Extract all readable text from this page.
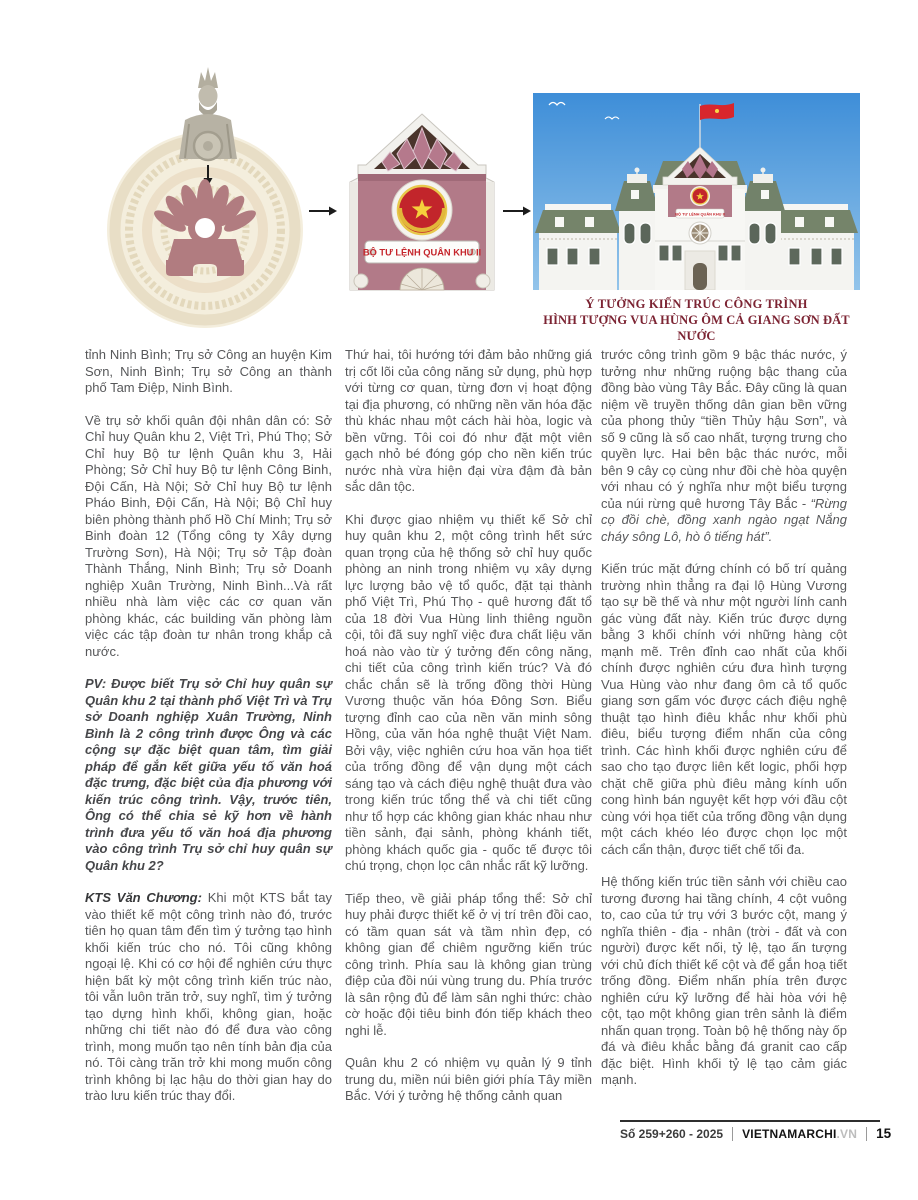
BỘ TƯ LỆNH QUÂN KHU II
BỘ TƯ LỆNH QUÂN KHU II
Ý TƯỞNG KIẾN TRÚC CÔNG TRÌNH
HÌNH TƯỢNG VUA HÙNG ÔM CẢ GIANG SƠN ĐẤT NƯỚC

tỉnh Ninh Bình; Trụ sở Công an huyện Kim Sơn, Ninh Bình; Trụ sở Công an thành phố Tam Điệp, Ninh Bình.

Về trụ sở khối quân đội nhân dân có: Sở Chỉ huy Quân khu 2, Việt Trì, Phú Thọ; Sở Chỉ huy Bộ tư lệnh Quân khu 3, Hải Phòng; Sở Chỉ huy Bộ tư lệnh Công Binh, Đội Cấn, Hà Nội; Sở Chỉ huy Bộ tư lệnh Pháo Binh, Đội Cấn, Hà Nội; Bộ Chỉ huy biên phòng thành phố Hồ Chí Minh; Trụ sở Binh đoàn 12 (Tổng công ty Xây dựng Trường Sơn), Hà Nội; Trụ sở Tập đoàn Thành Thắng, Ninh Bình; Trụ sở Doanh nghiệp Xuân Trường, Ninh Bình...Và rất nhiều nhà làm việc các cơ quan văn phòng khác, các building văn phòng làm việc các tập đoàn tư nhân trong khắp cả nước.

PV: Được biết Trụ sở Chỉ huy quân sự Quân khu 2 tại thành phố Việt Trì và Trụ sở Doanh nghiệp Xuân Trường, Ninh Bình là 2 công trình được Ông và các cộng sự đặc biệt quan tâm, tìm giải pháp để gắn kết giữa yếu tố văn hoá đặc trưng, đặc biệt của địa phương với kiến trúc công trình. Vậy, trước tiên, Ông có thể chia sẻ kỹ hơn về hành trình đưa yếu tố văn hoá địa phương vào công trình Trụ sở chỉ huy quân sự Quân khu 2?

KTS Văn Chương: Khi một KTS bắt tay vào thiết kế một công trình nào đó, trước tiên họ quan tâm đến tìm ý tưởng tạo hình khối kiến trúc cho nó. Tôi cũng không ngoại lệ. Khi có cơ hội để nghiên cứu thực hiện bất kỳ một công trình kiến trúc nào, tôi vẫn luôn trăn trở, suy nghĩ, tìm ý tưởng tạo dựng hình khối, không gian, hoặc những chi tiết nào đó để đưa vào công trình, mong muốn tạo nên tính bản địa của nó. Tôi càng trăn trở khi mong muốn công trình không bị lạc hậu do thời gian hay do trào lưu kiến trúc thay đổi.

Thứ hai, tôi hướng tới đảm bảo những giá trị cốt lõi của công năng sử dụng, phù hợp với từng cơ quan, từng đơn vị hoạt động tại địa phương, có những nền văn hóa đặc thù khác nhau một cách hài hòa, logic và bền vững. Tôi coi đó như đặt một viên gạch nhỏ bé đóng góp cho nền kiến trúc nước nhà vừa hiện đại vừa đậm đà bản sắc dân tộc.

Khi được giao nhiệm vụ thiết kế Sở chỉ huy quân khu 2, một công trình hết sức quan trọng của hệ thống sở chỉ huy quốc phòng an ninh trong nhiệm vụ xây dựng lực lượng bảo vệ tổ quốc, đặt tại thành phố Việt Trì, Phú Thọ - quê hương đất tổ của 18 đời Vua Hùng linh thiêng nguồn cội, tôi đã suy nghĩ việc đưa chất liệu văn hoá nào vào từ ý tưởng đến công năng, chi tiết của công trình kiến trúc? Và đó chắc chắn sẽ là trống đồng thời Hùng Vương thuộc văn hóa Đông Sơn. Biểu tượng đỉnh cao của nền văn minh sông Hồng, của văn hóa nghệ thuật Việt Nam. Bởi vậy, việc nghiên cứu hoa văn họa tiết của trống đồng để vận dụng một cách sáng tạo và cách điệu nghệ thuật đưa vào trong kiến trúc tổng thể và chi tiết cũng như tổ hợp các không gian khác nhau như tiền sảnh, đại sảnh, phòng khánh tiết, phòng khách quốc gia - quốc tế được tôi chú trọng, chọn lọc cân nhắc rất kỹ lưỡng.

Tiếp theo, về giải pháp tổng thể: Sở chỉ huy phải được thiết kế ở vị trí trên đồi cao, có tầm quan sát và tầm nhìn đẹp, có không gian để chiêm ngưỡng kiến trúc công trình. Phía sau là không gian trùng điệp của đồi núi vùng trung du. Phía trước là sân rộng đủ để làm sân nghi thức: chào cờ hoặc đội tiêu binh đón tiếp khách theo nghi lễ.

Quân khu 2 có nhiệm vụ quản lý 9 tỉnh trung du, miền núi biên giới phía Tây miền Bắc. Với ý tưởng hệ thống cảnh quan

trước công trình gồm 9 bậc thác nước, ý tưởng như những ruộng bậc thang của đồng bào vùng Tây Bắc. Đây cũng là quan niệm về truyền thống dân gian bền vững của phong thủy “tiền Thủy hậu Sơn”, và số 9 cũng là số cao nhất, tượng trưng cho quyền lực. Hai bên bậc thác nước, mỗi bên 9 cây cọ cùng như đồi chè hòa quyện với nhau có ý nghĩa như một biểu tượng của núi rừng quê hương Tây Bắc - “Rừng cọ đồi chè, đồng xanh ngào ngạt Nắng cháy sông Lô, hò ô tiếng hát”.

Kiến trúc mặt đứng chính có bố trí quảng trường nhìn thẳng ra đại lộ Hùng Vương tạo sự bề thế và như một người lính canh gác vùng đất này. Kiến trúc được dựng bằng 3 khối chính với những hàng cột mạnh mẽ. Trên đỉnh cao nhất của khối chính được nghiên cứu đưa hình tượng Vua Hùng vào như đang ôm cả tổ quốc giang sơn gấm vóc được cách điệu nghệ thuật tạo hình điêu khắc như khối phù điêu, biểu tượng điểm nhấn của công trình. Các hình khối được nghiên cứu để sao cho tạo được liên kết logic, phối hợp chặt chẽ giữa phù điêu mảng kính uốn cong hình bán nguyệt kết hợp với đầu cột cùng với họa tiết của trống đồng vận dụng một cách khéo léo được chọn lọc một cách cẩn thận, được tiết chế tối đa.

Hệ thống kiến trúc tiền sảnh với chiều cao tương đương hai tầng chính, 4 cột vuông to, cao của tứ trụ với 3 bước cột, mang ý nghĩa thiên - địa - nhân (trời - đất và con người) được kết nối, tỷ lệ, tạo ấn tượng với chủ đích thiết kế cột và để gắn hoạ tiết trống đồng. Điểm nhấn phía trên được nghiên cứu kỹ lưỡng để hài hòa với hệ cột, tạo một không gian trên sảnh là điểm nhấn quan trọng. Toàn bộ hệ thống này ốp đá và điêu khắc bằng đá granit cao cấp đặc biệt. Hình khối tỷ lệ tạo cảm giác mạnh.

Số 259+260 - 2025 VIETNAMARCHI.VN 15
